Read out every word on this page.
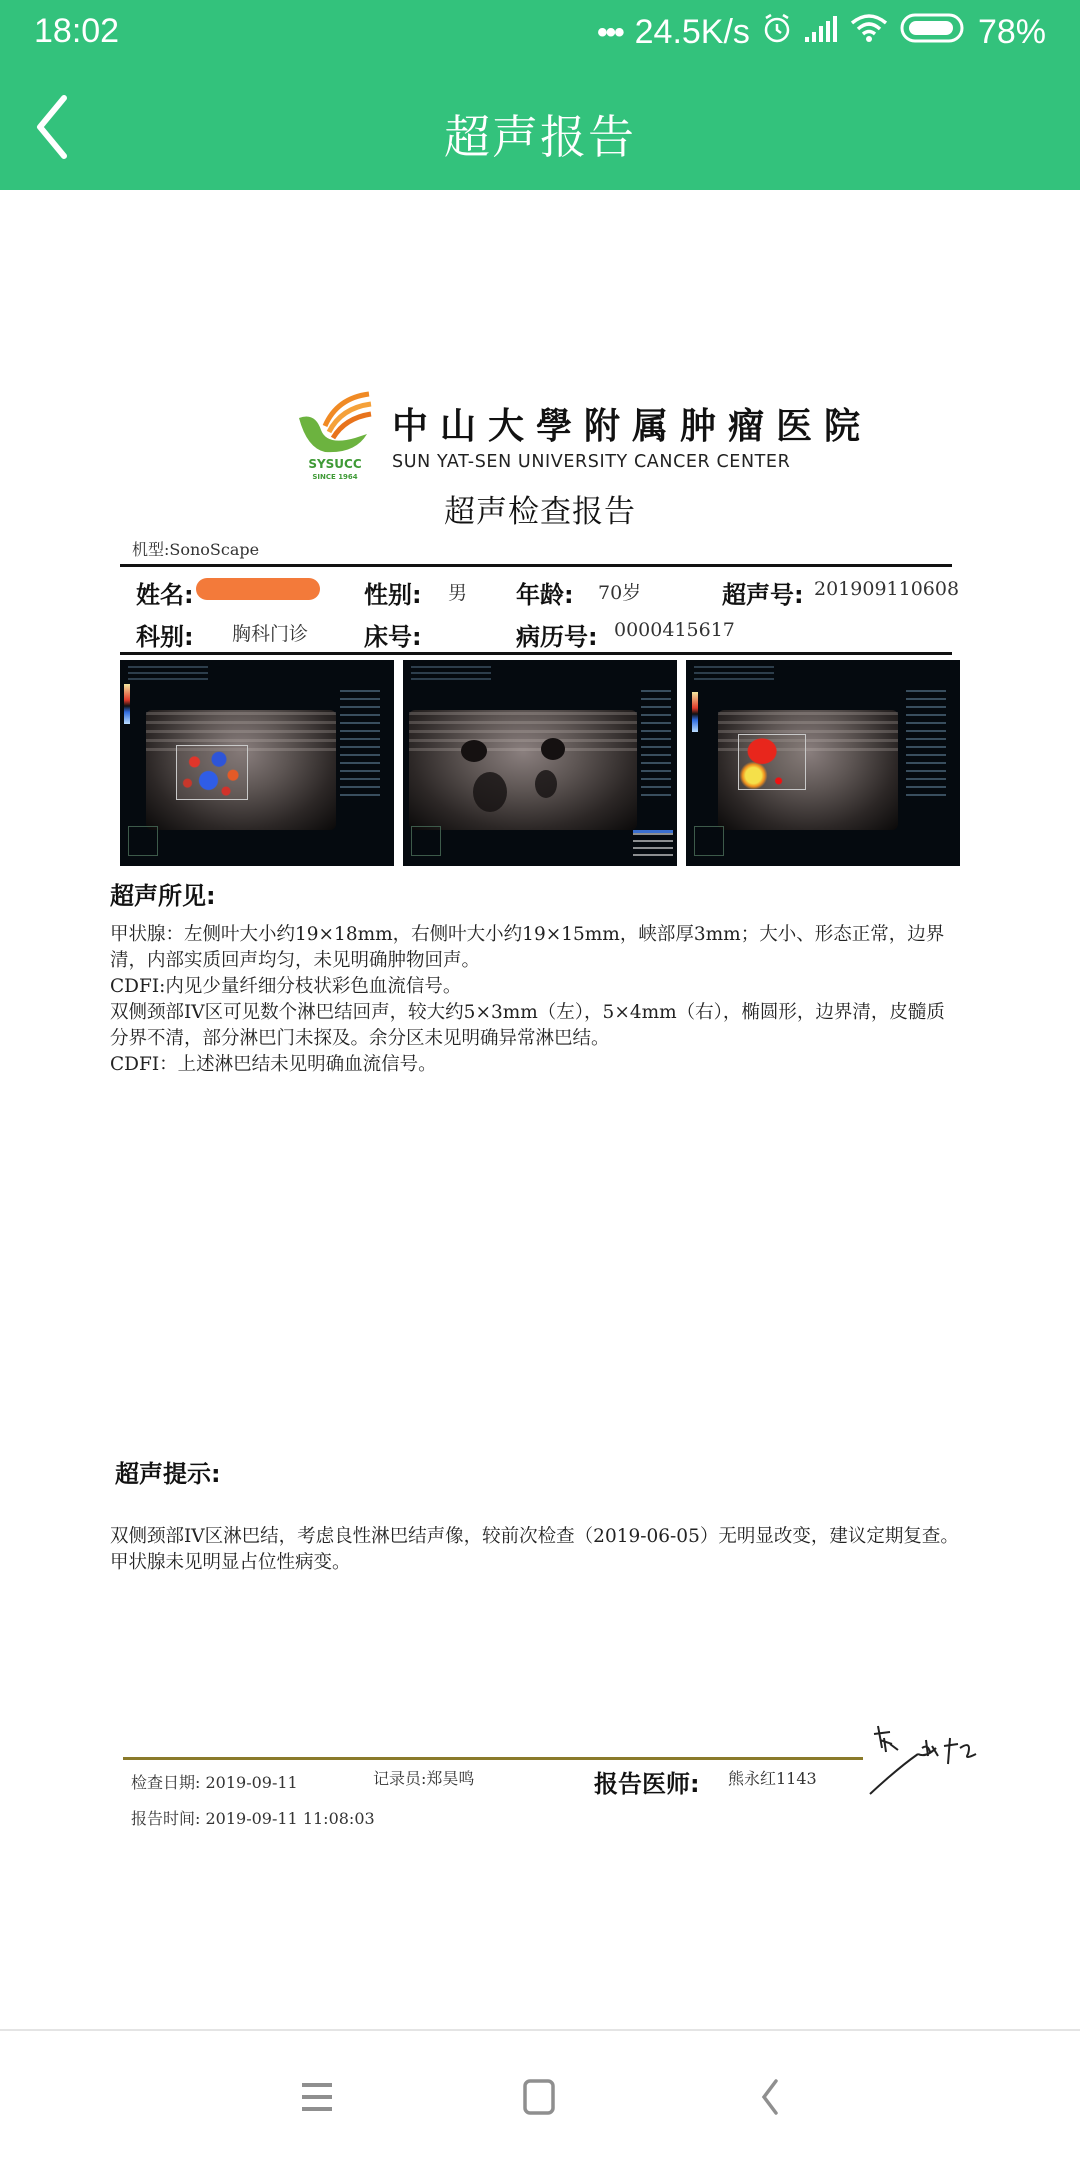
18:02	••• 24.5K/s	78%
超声报告
SYSUCC
SINCE 1964
中山大學附属肿瘤医院
SUN YAT-SEN UNIVERSITY CANCER CENTER
超声检查报告
机型:SonoScape
姓名:	性别: 男 年龄: 70岁	超声号: 201909110608
科别: 胸科门诊 床号:	病历号: 0000415617
超声所见:

甲状腺：左侧叶大小约19×18mm，右侧叶大小约19×15mm，峡部厚3mm；大小、形态正常，边界清，内部实质回声均匀，未见明确肿物回声。

CDFI:内见少量纤细分枝状彩色血流信号。

双侧颈部IV区可见数个淋巴结回声，较大约5×3mm（左），5×4mm（右），椭圆形，边界清，皮髓质分界不清，部分淋巴门未探及。余分区未见明确异常淋巴结。

CDFI：上述淋巴结未见明确血流信号。

超声提示:

双侧颈部IV区淋巴结，考虑良性淋巴结声像，较前次检查（2019-06-05）无明显改变，建议定期复查。

甲状腺未见明显占位性病变。

检查日期: 2019-09-11	记录员:郑昊鸣	报告医师: 熊永红1143
报告时间: 2019-09-11 11:08:03
